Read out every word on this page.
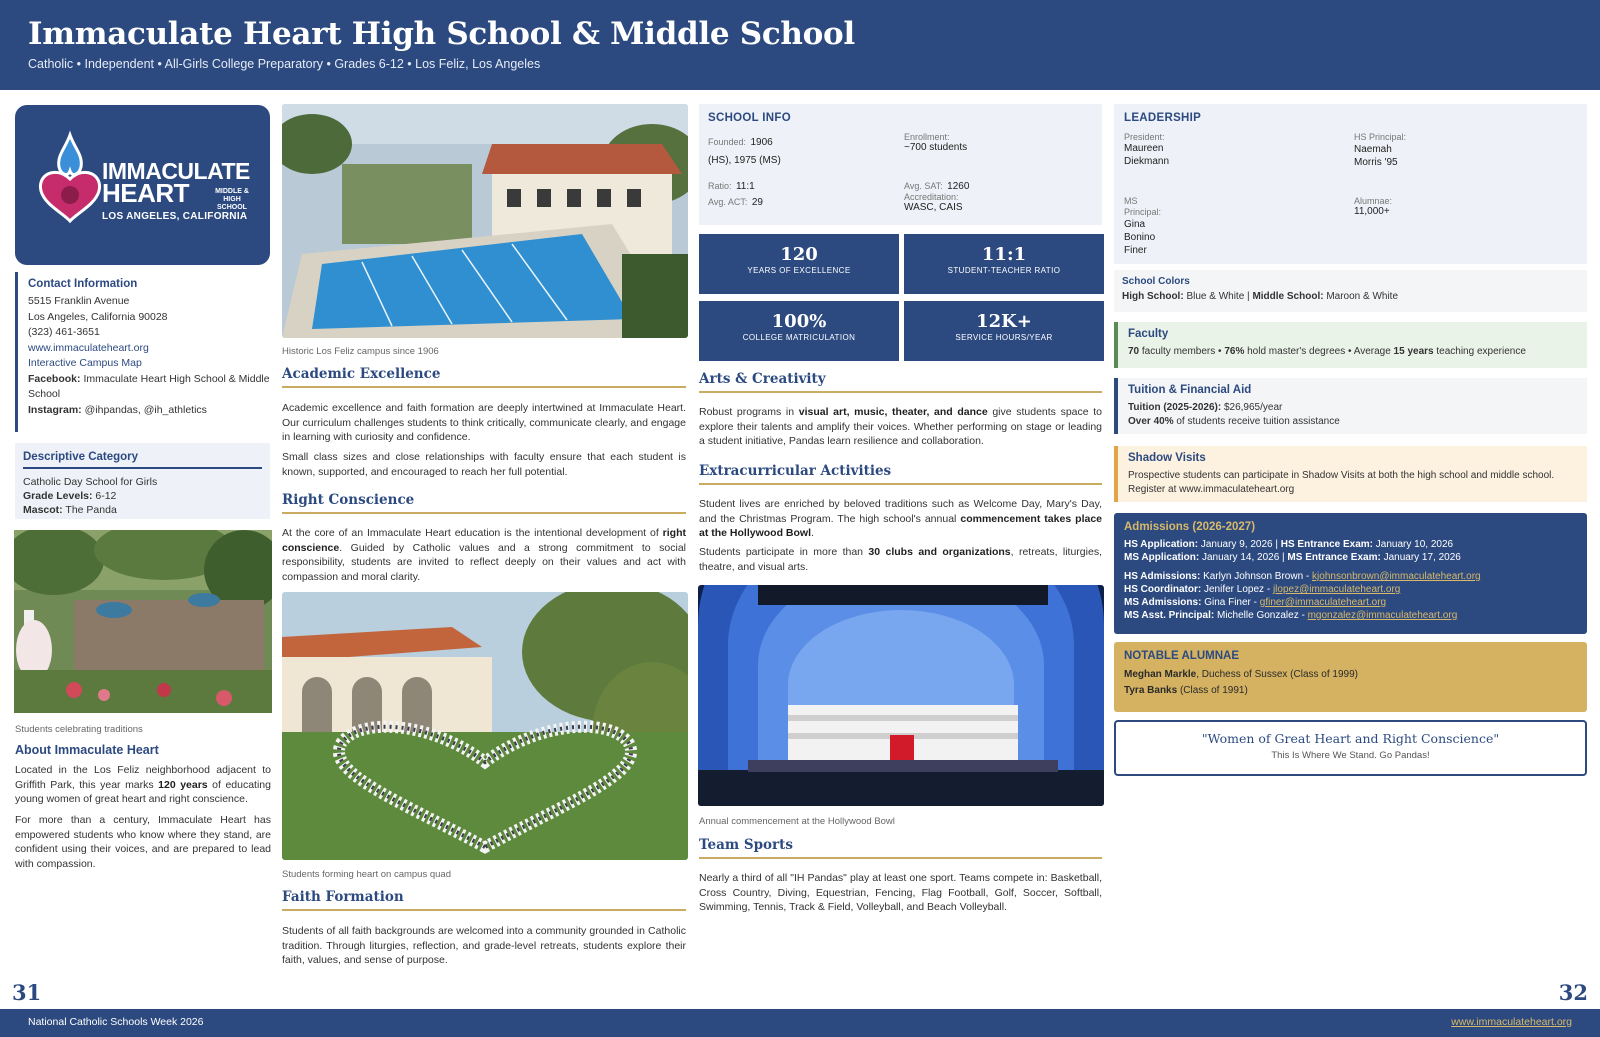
Immaculate Heart High School & Middle School
Catholic • Independent • All-Girls College Preparatory • Grades 6-12 • Los Feliz, Los Angeles
IMMACULATE
HEART	MIDDLE & HIGH SCHOOL
LOS ANGELES, CALIFORNIA
Contact Information
5515 Franklin Avenue
Los Angeles, California 90028
(323) 461-3651
www.immaculateheart.org
Interactive Campus Map
Facebook: Immaculate Heart High School & Middle School
Instagram: @ihpandas, @ih_athletics
Descriptive Category
Catholic Day School for Girls
Grade Levels: 6-12
Mascot: The Panda
Students celebrating traditions
About Immaculate Heart
Located in the Los Feliz neighborhood adjacent to Griffith Park, this year marks 120 years of educating young women of great heart and right conscience.
For more than a century, Immaculate Heart has empowered students who know where they stand, are confident using their voices, and are prepared to lead with compassion.
Historic Los Feliz campus since 1906
Academic Excellence
Academic excellence and faith formation are deeply intertwined at Immaculate Heart. Our curriculum challenges students to think critically, communicate clearly, and engage in learning with curiosity and confidence.
Small class sizes and close relationships with faculty ensure that each student is known, supported, and encouraged to reach her full potential.
Right Conscience
At the core of an Immaculate Heart education is the intentional development of right conscience. Guided by Catholic values and a strong commitment to social responsibility, students are invited to reflect deeply on their values and act with compassion and moral clarity.
Students forming heart on campus quad
Faith Formation
Students of all faith backgrounds are welcomed into a community grounded in Catholic tradition. Through liturgies, reflection, and grade-level retreats, students explore their faith, values, and sense of purpose.
SCHOOL INFO
Founded: 1906 (HS), 1975 (MS)
Enrollment:
~700 students
Ratio: 11:1	Avg. SAT: 1260
Avg. ACT: 29	Accreditation:
WASC, CAIS
120
YEARS OF EXCELLENCE
11:1
STUDENT-TEACHER RATIO
100%
COLLEGE MATRICULATION
12K+
SERVICE HOURS/YEAR
Arts & Creativity
Robust programs in visual art, music, theater, and dance give students space to explore their talents and amplify their voices. Whether performing on stage or leading a student initiative, Pandas learn resilience and collaboration.
Extracurricular Activities
Student lives are enriched by beloved traditions such as Welcome Day, Mary's Day, and the Christmas Program. The high school's annual commencement takes place at the Hollywood Bowl.
Students participate in more than 30 clubs and organizations, retreats, liturgies, theatre, and visual arts.
Annual commencement at the Hollywood Bowl
Team Sports
Nearly a third of all "IH Pandas" play at least one sport. Teams compete in: Basketball, Cross Country, Diving, Equestrian, Fencing, Flag Football, Golf, Soccer, Softball, Swimming, Tennis, Track & Field, Volleyball, and Beach Volleyball.
LEADERSHIP
President:
Maureen Diekmann
HS Principal:
Naemah Morris '95
MS Principal:
Gina Bonino Finer
Alumnae:
11,000+
School Colors
High School: Blue & White | Middle School: Maroon & White
Faculty
70 faculty members • 76% hold master's degrees • Average 15 years teaching experience
Tuition & Financial Aid
Tuition (2025-2026): $26,965/year
Over 40% of students receive tuition assistance
Shadow Visits
Prospective students can participate in Shadow Visits at both the high school and middle school. Register at www.immaculateheart.org
Admissions (2026-2027)
HS Application: January 9, 2026 | HS Entrance Exam: January 10, 2026
MS Application: January 14, 2026 | MS Entrance Exam: January 17, 2026
HS Admissions: Karlyn Johnson Brown - kjohnsonbrown@immaculateheart.org
HS Coordinator: Jenifer Lopez - jlopez@immaculateheart.org
MS Admissions: Gina Finer - gfiner@immaculateheart.org
MS Asst. Principal: Michelle Gonzalez - mgonzalez@immaculateheart.org
NOTABLE ALUMNAE
Meghan Markle, Duchess of Sussex (Class of 1999)
Tyra Banks (Class of 1991)
"Women of Great Heart and Right Conscience"
This Is Where We Stand. Go Pandas!
31	32
National Catholic Schools Week 2026	www.immaculateheart.org
